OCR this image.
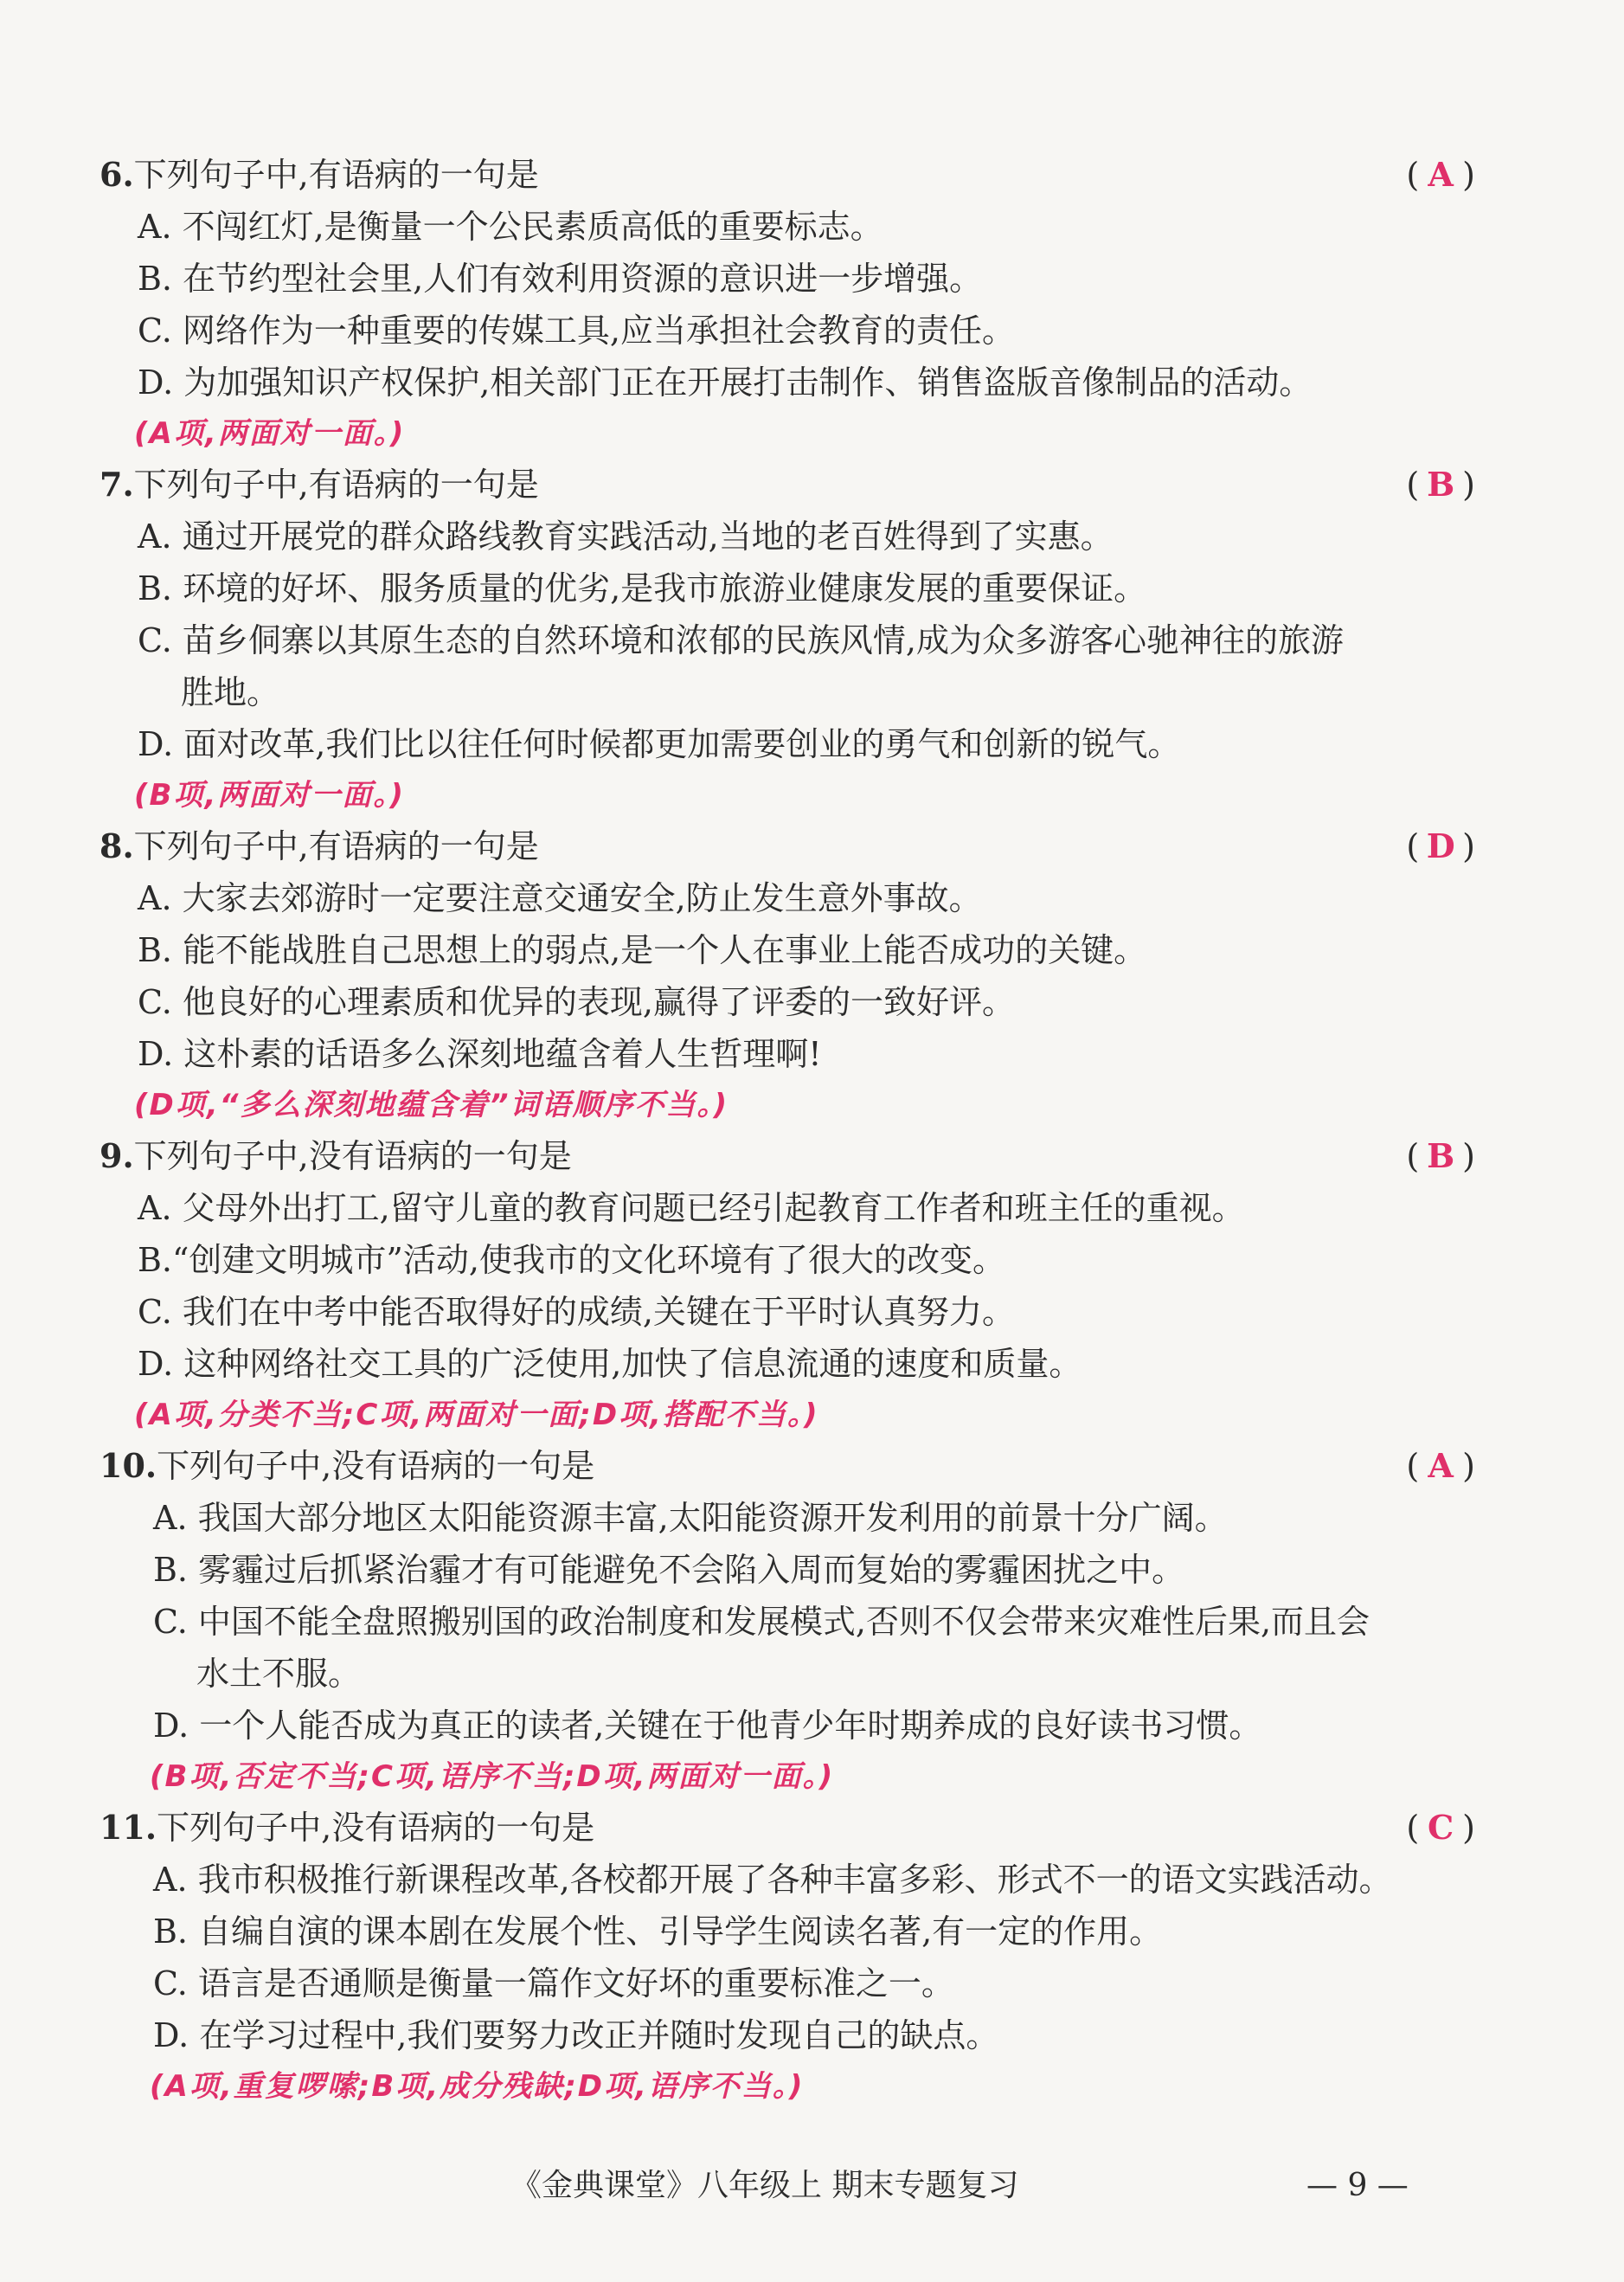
6.下列句子中,有语病的一句是	( A )
A. 不闯红灯,是衡量一个公民素质高低的重要标志。
B. 在节约型社会里,人们有效利用资源的意识进一步增强。
C. 网络作为一种重要的传媒工具,应当承担社会教育的责任。
D. 为加强知识产权保护,相关部门正在开展打击制作、销售盗版音像制品的活动。
(A项,两面对一面。)
7.下列句子中,有语病的一句是	( B )
A. 通过开展党的群众路线教育实践活动,当地的老百姓得到了实惠。
B. 环境的好坏、服务质量的优劣,是我市旅游业健康发展的重要保证。
C. 苗乡侗寨以其原生态的自然环境和浓郁的民族风情,成为众多游客心驰神往的旅游
胜地。
D. 面对改革,我们比以往任何时候都更加需要创业的勇气和创新的锐气。
(B项,两面对一面。)
8.下列句子中,有语病的一句是	( D )
A. 大家去郊游时一定要注意交通安全,防止发生意外事故。
B. 能不能战胜自己思想上的弱点,是一个人在事业上能否成功的关键。
C. 他良好的心理素质和优异的表现,赢得了评委的一致好评。
D. 这朴素的话语多么深刻地蕴含着人生哲理啊!
(D项,“多么深刻地蕴含着”词语顺序不当。)
9.下列句子中,没有语病的一句是	( B )
A. 父母外出打工,留守儿童的教育问题已经引起教育工作者和班主任的重视。
B.“创建文明城市”活动,使我市的文化环境有了很大的改变。
C. 我们在中考中能否取得好的成绩,关键在于平时认真努力。
D. 这种网络社交工具的广泛使用,加快了信息流通的速度和质量。
(A项,分类不当;C项,两面对一面;D项,搭配不当。)
10.下列句子中,没有语病的一句是	( A )
A. 我国大部分地区太阳能资源丰富,太阳能资源开发利用的前景十分广阔。
B. 雾霾过后抓紧治霾才有可能避免不会陷入周而复始的雾霾困扰之中。
C. 中国不能全盘照搬别国的政治制度和发展模式,否则不仅会带来灾难性后果,而且会
水土不服。
D. 一个人能否成为真正的读者,关键在于他青少年时期养成的良好读书习惯。
(B项,否定不当;C项,语序不当;D项,两面对一面。)
11.下列句子中,没有语病的一句是	( C )
A. 我市积极推行新课程改革,各校都开展了各种丰富多彩、形式不一的语文实践活动。
B. 自编自演的课本剧在发展个性、引导学生阅读名著,有一定的作用。
C. 语言是否通顺是衡量一篇作文好坏的重要标准之一。
D. 在学习过程中,我们要努力改正并随时发现自己的缺点。
(A项,重复啰嗦;B项,成分残缺;D项,语序不当。)
《金典课堂》八年级上 期末专题复习	— 9 —
